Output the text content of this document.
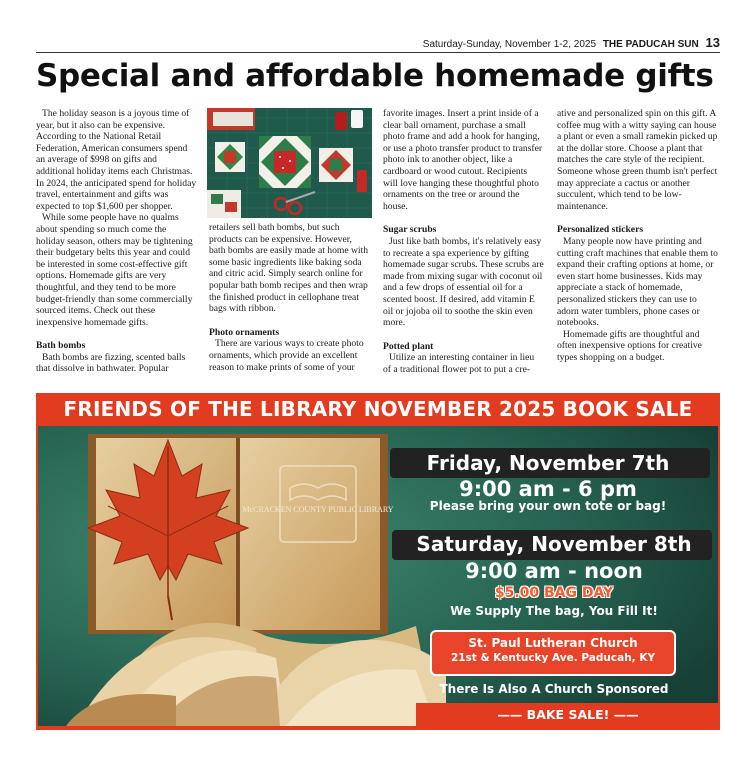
Saturday-Sunday, November 1-2, 2025 THE PADUCAH SUN 13
Special and affordable homemade gifts

The holiday season is a joyous time of year, but it also can be expensive. According to the National Retail Federation, American consumers spend an average of $998 on gifts and additional holiday items each Christmas. In 2024, the anticipated spend for holiday travel, entertainment and gifts was expected to top $1,600 per shopper.

While some people have no qualms about spending so much come the holiday season, others may be tightening their budgetary belts this year and could be interested in some cost-effective gift options. Homemade gifts are very thoughtful, and they tend to be more budget-friendly than some commercially sourced items. Check out these inexpensive homemade gifts.

Bath bombs

Bath bombs are fizzing, scented balls that dissolve in bathwater. Popular

retailers sell bath bombs, but such products can be expensive. However, bath bombs are easily made at home with some basic ingredients like baking soda and citric acid. Simply search online for popular bath bomb recipes and then wrap the finished product in cellophane treat bags with ribbon.

Photo ornaments

There are various ways to create photo ornaments, which provide an excellent reason to make prints of some of your

favorite images. Insert a print inside of a clear ball ornament, purchase a small photo frame and add a hook for hanging, or use a photo transfer product to transfer photo ink to another object, like a cardboard or wood cutout. Recipients will love hanging these thoughtful photo ornaments on the tree or around the house.

Sugar scrubs

Just like bath bombs, it's relatively easy to recreate a spa experience by gifting homemade sugar scrubs. These scrubs are made from mixing sugar with coconut oil and a few drops of essential oil for a scented boost. If desired, add vitamin E oil or jojoba oil to soothe the skin even more.

Potted plant

Utilize an interesting container in lieu of a traditional flower pot to put a cre-

ative and personalized spin on this gift. A coffee mug with a witty saying can house a plant or even a small ramekin picked up at the dollar store. Choose a plant that matches the care style of the recipient. Someone whose green thumb isn't perfect may appreciate a cactus or another succulent, which tend to be low-maintenance.

Personalized stickers

Many people now have printing and cutting craft machines that enable them to expand their crafting options at home, or even start home businesses. Kids may appreciate a stack of homemade, personalized stickers they can use to adorn water tumblers, phone cases or notebooks.

Homemade gifts are thoughtful and often inexpensive options for creative types shopping on a budget.

FRIENDS OF THE LIBRARY NOVEMBER 2025 BOOK SALE
McCRACKEN COUNTY PUBLIC LIBRARY
Friday, November 7th
9:00 am - 6 pm
Please bring your own tote or bag!
Saturday, November 8th
9:00 am - noon
$5.00 BAG DAY
We Supply The bag, You Fill It!
St. Paul Lutheran Church
21st & Kentucky Ave. Paducah, KY
There Is Also A Church Sponsored
—— BAKE SALE! ——
